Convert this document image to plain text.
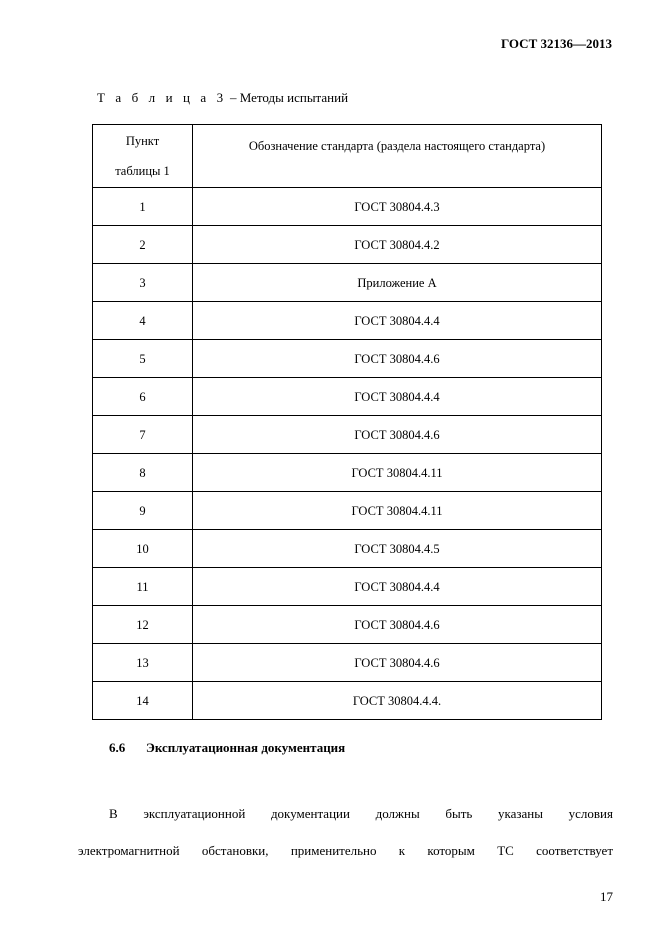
ГОСТ 32136—2013
Т а б л и ц а 3 – Методы испытаний
Пункт
таблицы 1	Обозначение стандарта (раздела настоящего стандарта)

1	ГОСТ 30804.4.3
2	ГОСТ 30804.4.2
3	Приложение А
4	ГОСТ 30804.4.4
5	ГОСТ 30804.4.6
6	ГОСТ 30804.4.4
7	ГОСТ 30804.4.6
8	ГОСТ 30804.4.11
9	ГОСТ 30804.4.11
10	ГОСТ 30804.4.5
11	ГОСТ 30804.4.4
12	ГОСТ 30804.4.6
13	ГОСТ 30804.4.6
14	ГОСТ 30804.4.4.
6.6 Эксплуатационная документация
В эксплуатационной документации должны быть указаны условия
электромагнитной обстановки, применительно к которым ТС соответствует
17
